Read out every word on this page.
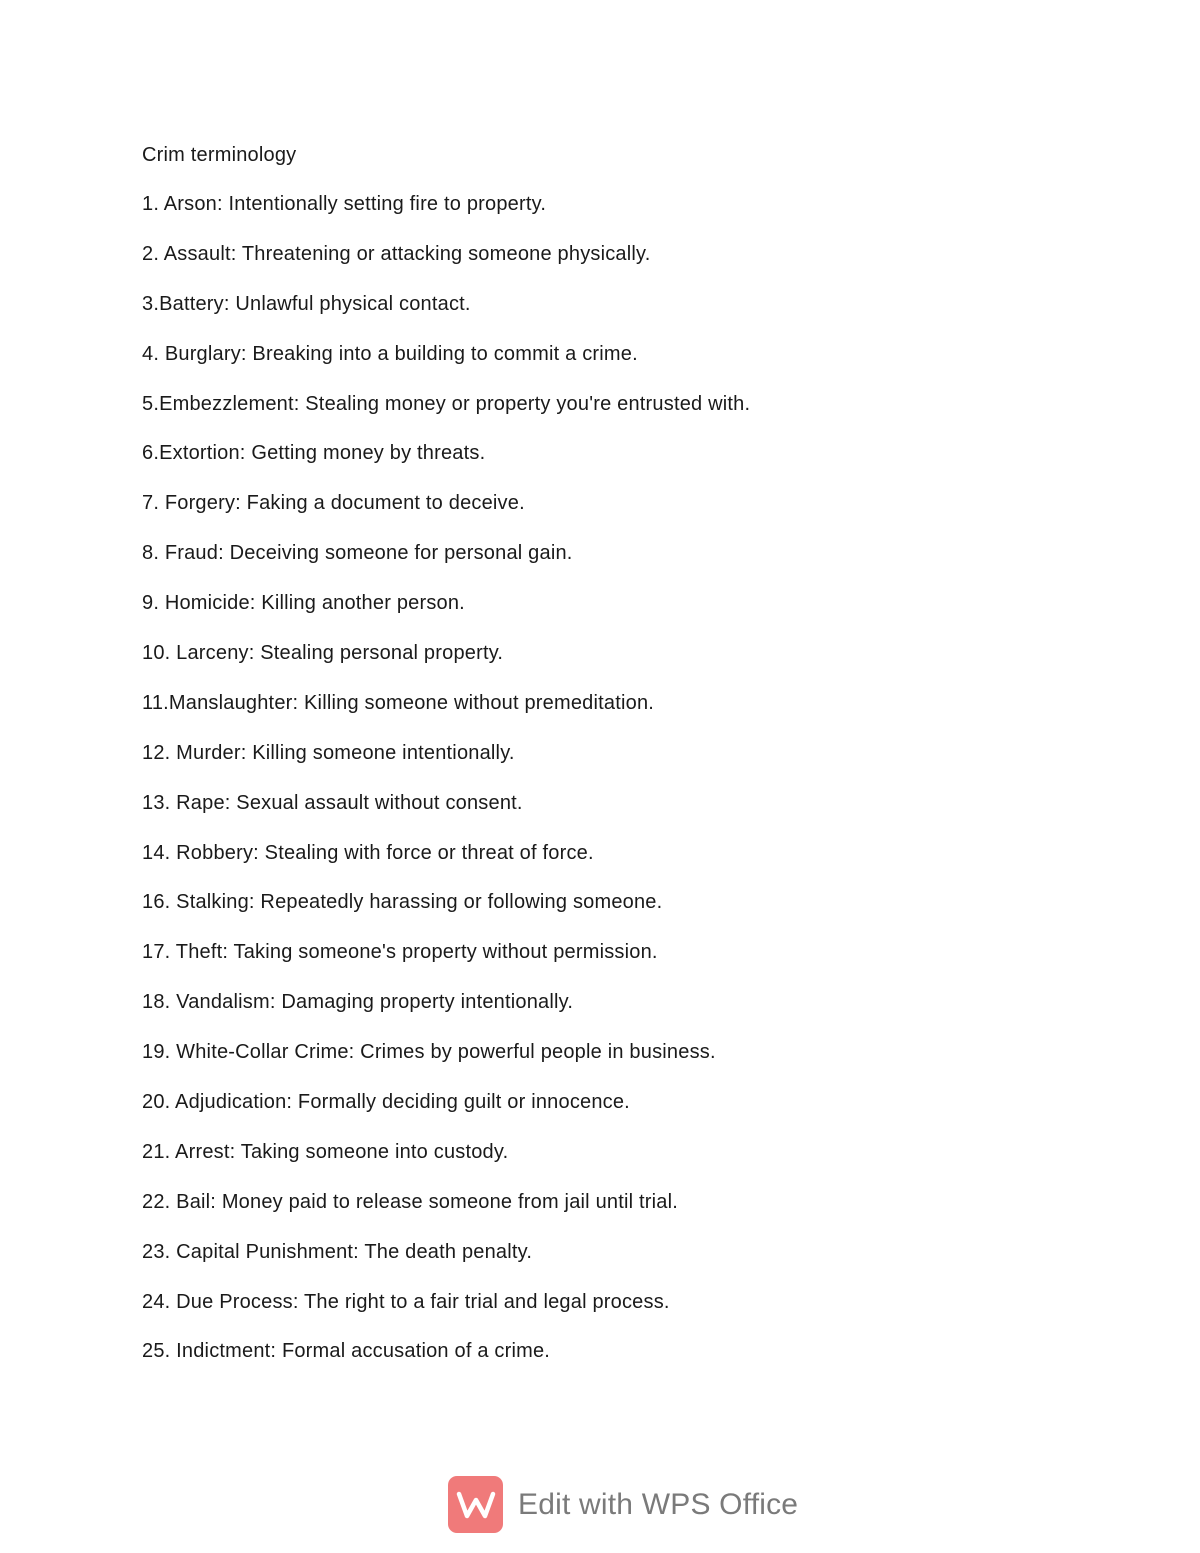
Crim terminology
1. Arson: Intentionally setting fire to property.
2. Assault: Threatening or attacking someone physically.
3.Battery: Unlawful physical contact.
4. Burglary: Breaking into a building to commit a crime.
5.Embezzlement: Stealing money or property you're entrusted with.
6.Extortion: Getting money by threats.
7. Forgery: Faking a document to deceive.
8. Fraud: Deceiving someone for personal gain.
9. Homicide: Killing another person.
10. Larceny: Stealing personal property.
11.Manslaughter: Killing someone without premeditation.
12. Murder: Killing someone intentionally.
13. Rape: Sexual assault without consent.
14. Robbery: Stealing with force or threat of force.
16. Stalking: Repeatedly harassing or following someone.
17. Theft: Taking someone's property without permission.
18. Vandalism: Damaging property intentionally.
19. White-Collar Crime: Crimes by powerful people in business.
20. Adjudication: Formally deciding guilt or innocence.
21. Arrest: Taking someone into custody.
22. Bail: Money paid to release someone from jail until trial.
23. Capital Punishment: The death penalty.
24. Due Process: The right to a fair trial and legal process.
25. Indictment: Formal accusation of a crime.
Edit with WPS Office
